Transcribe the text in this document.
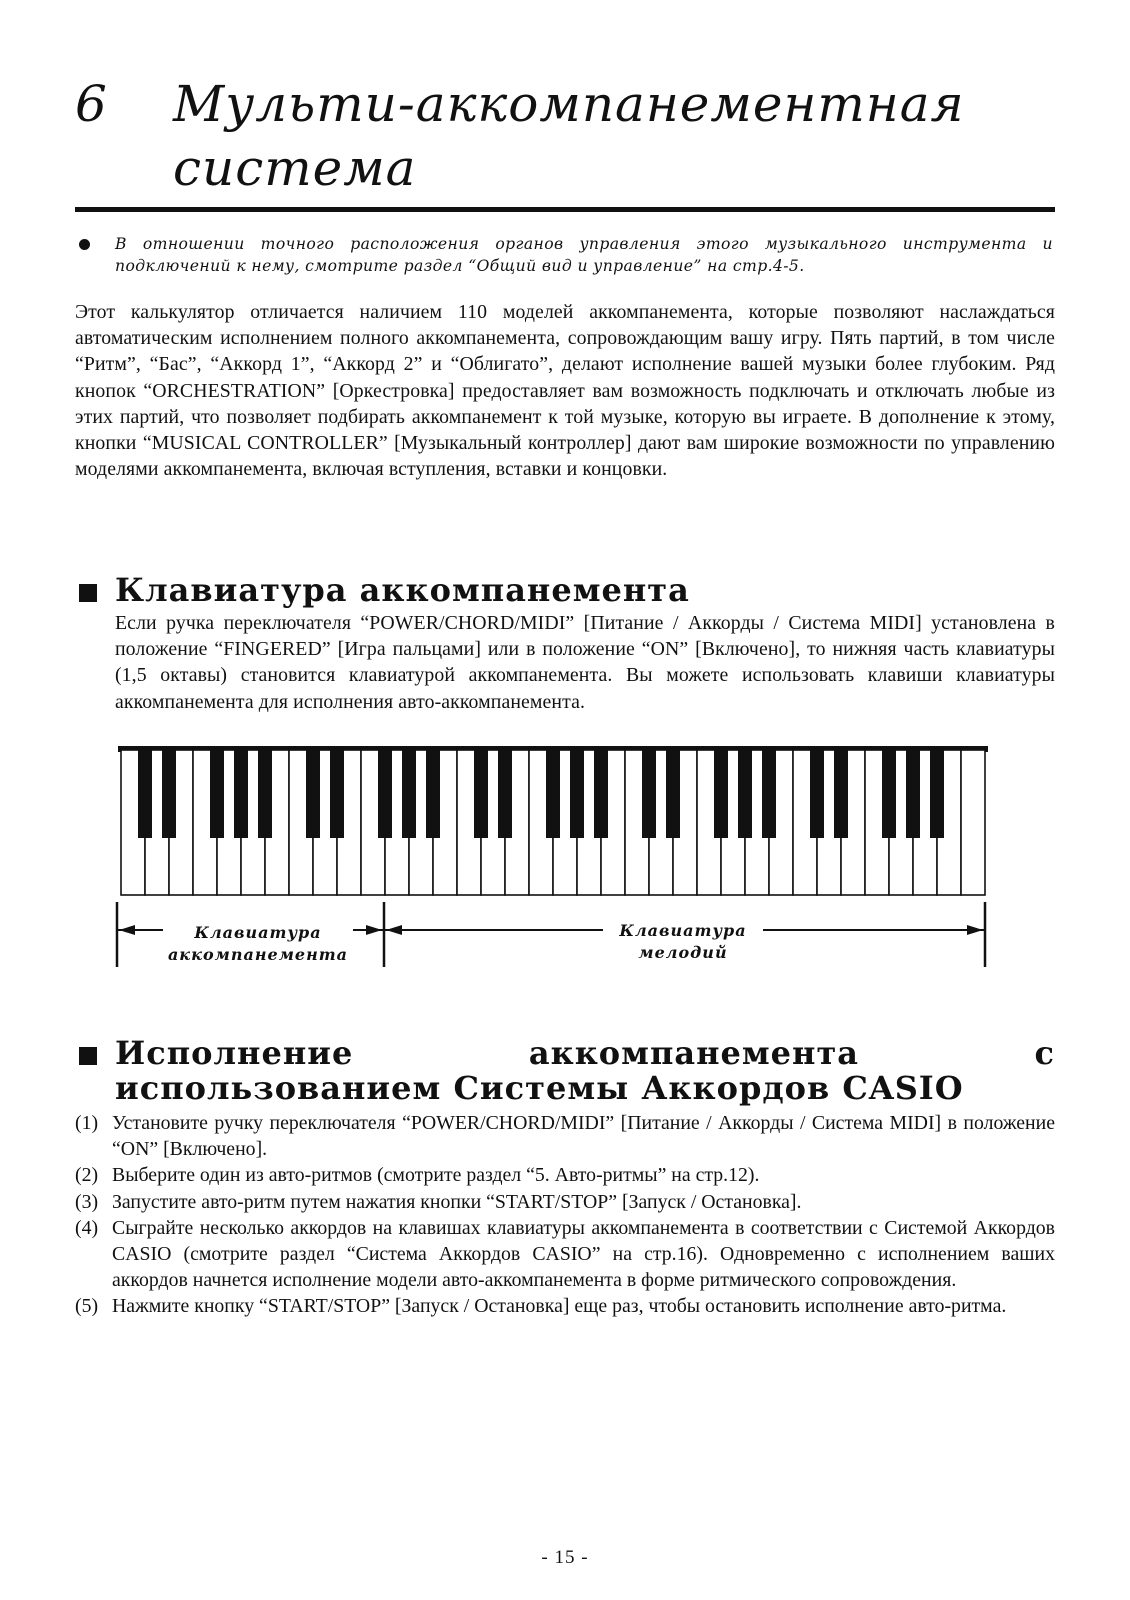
6 Мульти-аккомпанементная
система
В отношении точного расположения органов управления этого музыкального инструмента и подключений к нему, смотрите раздел “Общий вид и управление” на стр.4-5.
Этот калькулятор отличается наличием 110 моделей аккомпанемента, которые позволяют наслаждаться автоматическим исполнением полного аккомпанемента, сопровождающим вашу игру. Пять партий, в том числе “Ритм”, “Бас”, “Аккорд 1”, “Аккорд 2” и “Облигато”, делают исполнение вашей музыки более глубоким. Ряд кнопок “ORCHESTRATION” [Оркестровка] предоставляет вам возможность подключать и отключать любые из этих партий, что позволяет подбирать аккомпанемент к той музыке, которую вы играете. В дополнение к этому, кнопки “MUSICAL CONTROLLER” [Музыкальный контроллер] дают вам широкие возможности по управлению моделями аккомпанемента, включая вступления, вставки и концовки.
Клавиатура аккомпанемента
Если ручка переключателя “POWER/CHORD/MIDI” [Питание / Аккорды / Система MIDI] установлена в положение “FINGERED” [Игра пальцами] или в положение “ON” [Включено], то нижняя часть клавиатуры (1,5 октавы) становится клавиатурой аккомпанемента. Вы можете использовать клавиши клавиатуры аккомпанемента для исполнения авто-аккомпанемента.
Клавиатура
аккомпанемента
Клавиатура
мелодий
Исполнение аккомпанемента с использованием Системы Аккордов CASIO
(1) Установите ручку переключателя “POWER/CHORD/MIDI” [Питание / Аккорды / Система MIDI] в положение “ON” [Включено].
(2) Выберите один из авто-ритмов (смотрите раздел “5. Авто-ритмы” на стр.12).
(3) Запустите авто-ритм путем нажатия кнопки “START/STOP” [Запуск / Остановка].
(4) Сыграйте несколько аккордов на клавишах клавиатуры аккомпанемента в соответствии с Системой Аккордов CASIO (смотрите раздел “Система Аккордов CASIO” на стр.16). Одновременно с исполнением ваших аккордов начнется исполнение модели авто-аккомпанемента в форме ритмического сопровождения.
(5) Нажмите кнопку “START/STOP” [Запуск / Остановка] еще раз, чтобы остановить исполнение авто-ритма.
- 15 -
